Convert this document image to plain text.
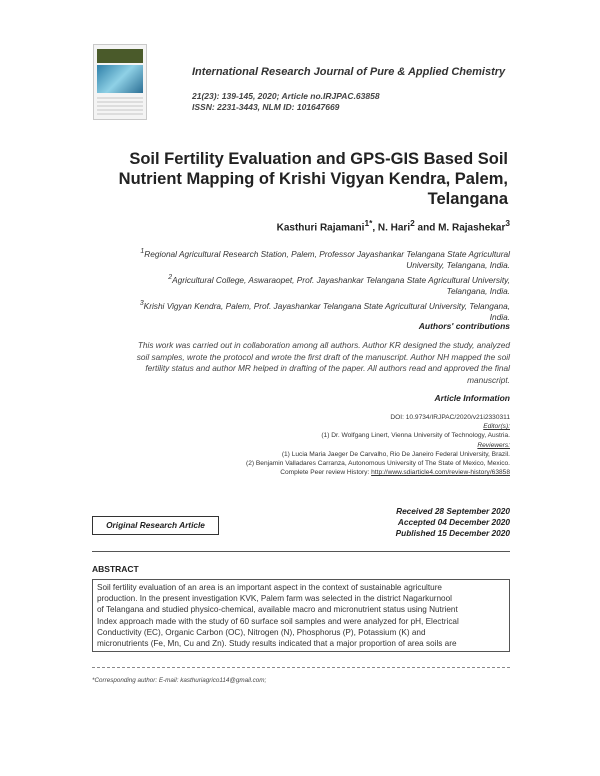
International Research Journal of Pure & Applied Chemistry
21(23): 139-145, 2020; Article no.IRJPAC.63858
ISSN: 2231-3443, NLM ID: 101647669
Soil Fertility Evaluation and GPS-GIS Based Soil
Nutrient Mapping of Krishi Vigyan Kendra, Palem,
Telangana
Kasthuri Rajamani$^{1*}$, N. Hari$^2$ and M. Rajashekar$^3$
$^1$Regional Agricultural Research Station, Palem, Professor Jayashankar Telangana State Agricultural
University, Telangana, India.
$^2$Agricultural College, Aswaraopet, Prof. Jayashankar Telangana State Agricultural University,
Telangana, India.
$^3$Krishi Vigyan Kendra, Palem, Prof. Jayashankar Telangana State Agricultural University, Telangana,
India.
Authors' contributions
This work was carried out in collaboration among all authors. Author KR designed the study, analyzed
soil samples, wrote the protocol and wrote the first draft of the manuscript. Author NH mapped the soil
fertility status and author MR helped in drafting of the paper. All authors read and approved the final
manuscript.
Article Information
DOI: 10.9734/IRJPAC/2020/v21i2330311
Editor(s):
(1) Dr. Wolfgang Linert, Vienna University of Technology, Austria.
Reviewers:
(1) Lucia Maria Jaeger De Carvalho, Rio De Janeiro Federal University, Brazil.
(2) Benjamin Valladares Carranza, Autonomous University of The State of Mexico, Mexico.
Complete Peer review History: http://www.sdiarticle4.com/review-history/63858
Original Research Article
Received 28 September 2020
Accepted 04 December 2020
Published 15 December 2020
ABSTRACT

Soil fertility evaluation of an area is an important aspect in the context of sustainable agriculture

production. In the present investigation KVK, Palem farm was selected in the district Nagarkurnool

of Telangana and studied physico-chemical, available macro and micronutrient status using Nutrient

Index approach made with the study of 60 surface soil samples and were analyzed for pH, Electrical

Conductivity (EC), Organic Carbon (OC), Nitrogen (N), Phosphorus (P), Potassium (K) and

micronutrients (Fe, Mn, Cu and Zn). Study results indicated that a major proportion of area soils are

*Corresponding author: E-mail: kasthuriagrico114@gmail.com;
